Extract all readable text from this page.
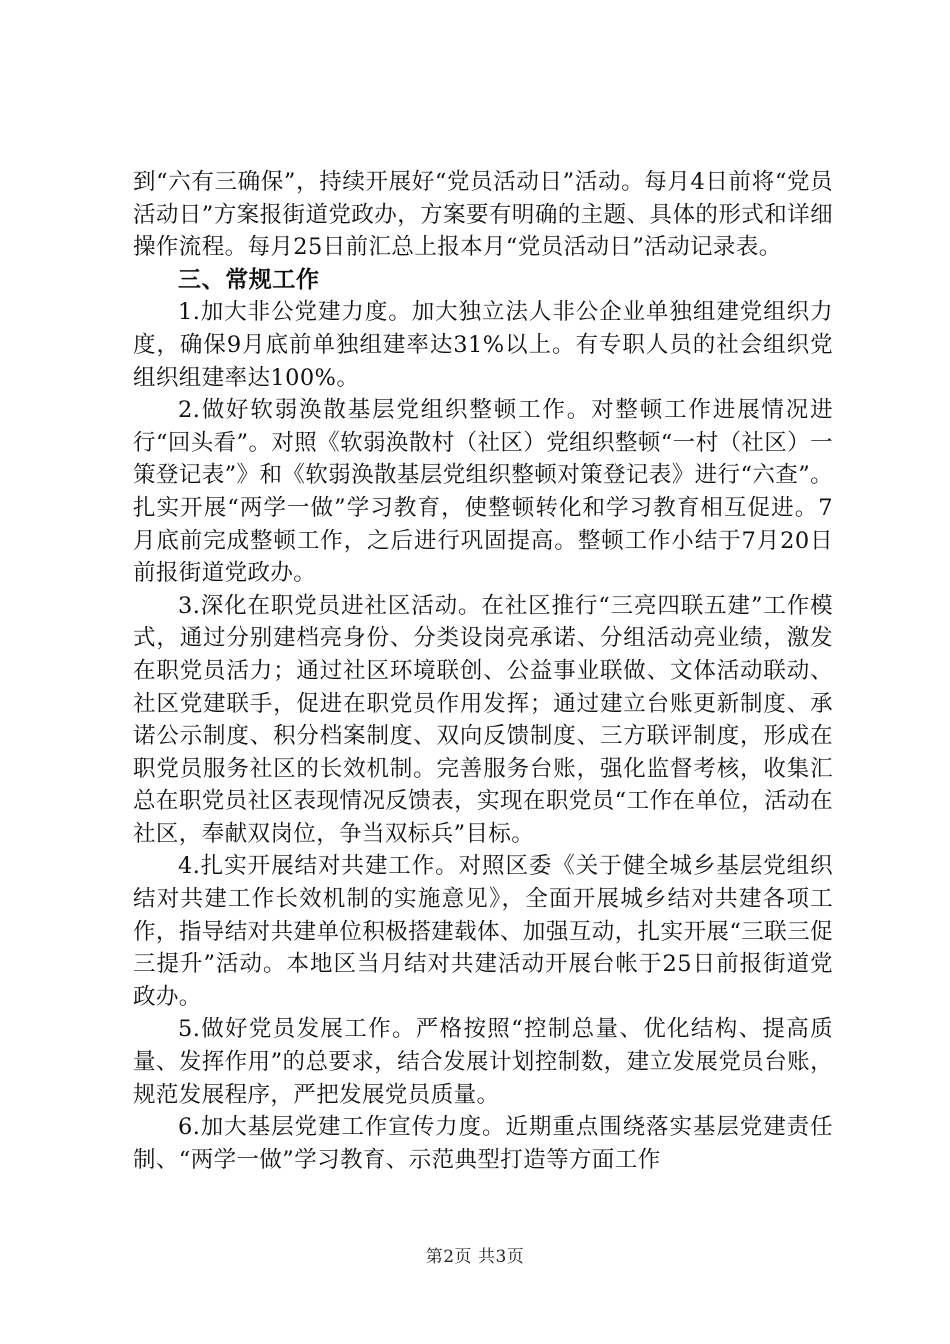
到“六有三确保”，持续开展好“党员活动日”活动。每月4日前将“党员活动日”方案报街道党政办，方案要有明确的主题、具体的形式和详细操作流程。每月25日前汇总上报本月“党员活动日”活动记录表。

三、常规工作

1.加大非公党建力度。加大独立法人非公企业单独组建党组织力度，确保9月底前单独组建率达31%以上。有专职人员的社会组织党组织组建率达100%。

2.做好软弱涣散基层党组织整顿工作。对整顿工作进展情况进行“回头看”。对照《软弱涣散村（社区）党组织整顿“一村（社区）一策登记表”》和《软弱涣散基层党组织整顿对策登记表》进行“六查”。扎实开展“两学一做”学习教育，使整顿转化和学习教育相互促进。7月底前完成整顿工作，之后进行巩固提高。整顿工作小结于7月20日前报街道党政办。

3.深化在职党员进社区活动。在社区推行“三亮四联五建”工作模式，通过分别建档亮身份、分类设岗亮承诺、分组活动亮业绩，激发在职党员活力；通过社区环境联创、公益事业联做、文体活动联动、社区党建联手，促进在职党员作用发挥；通过建立台账更新制度、承诺公示制度、积分档案制度、双向反馈制度、三方联评制度，形成在职党员服务社区的长效机制。完善服务台账，强化监督考核，收集汇总在职党员社区表现情况反馈表，实现在职党员“工作在单位，活动在社区，奉献双岗位，争当双标兵”目标。

4.扎实开展结对共建工作。对照区委《关于健全城乡基层党组织结对共建工作长效机制的实施意见》，全面开展城乡结对共建各项工作，指导结对共建单位积极搭建载体、加强互动，扎实开展“三联三促三提升”活动。本地区当月结对共建活动开展台帐于25日前报街道党政办。

5.做好党员发展工作。严格按照“控制总量、优化结构、提高质量、发挥作用”的总要求，结合发展计划控制数，建立发展党员台账，规范发展程序，严把发展党员质量。

6.加大基层党建工作宣传力度。近期重点围绕落实基层党建责任制、“两学一做”学习教育、示范典型打造等方面工作

第2页 共3页
